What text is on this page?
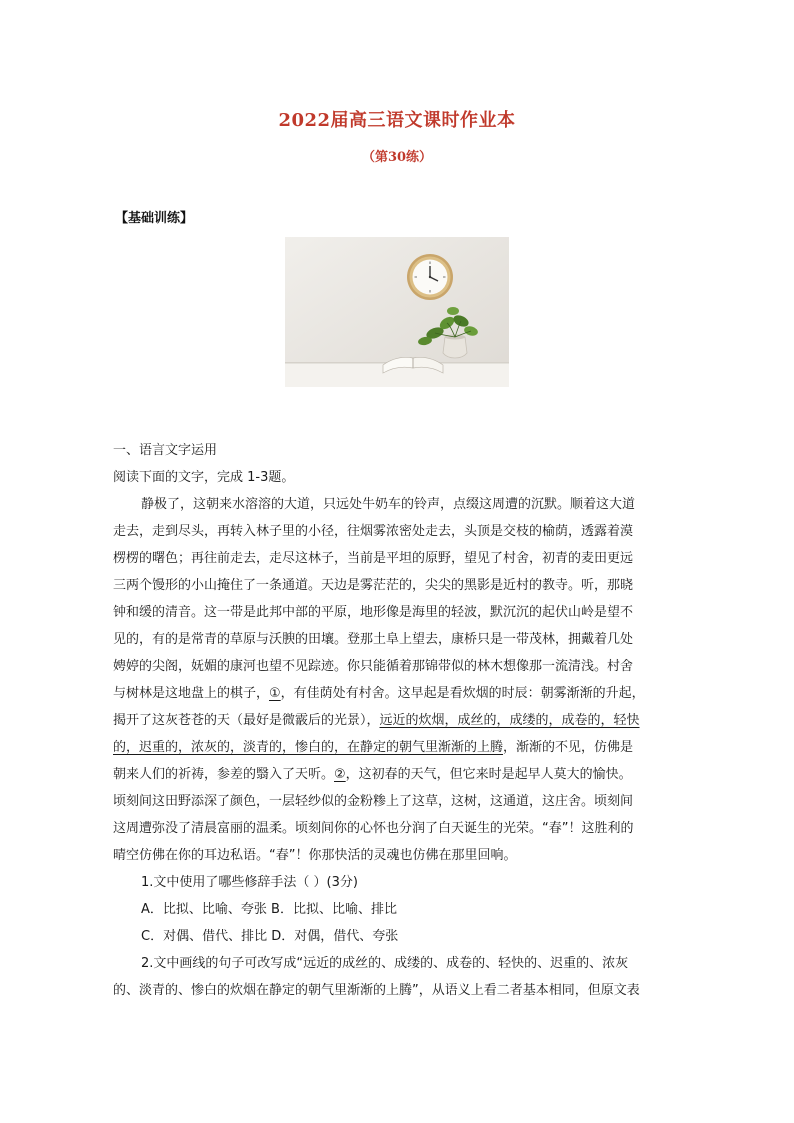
2022届高三语文课时作业本
（第30练）
【基础训练】
一、语言文字运用
阅读下面的文字，完成 1-3题。
静极了，这朝来水溶溶的大道，只远处牛奶车的铃声，点缀这周遭的沉默。顺着这大道
走去，走到尽头，再转入林子里的小径，往烟雾浓密处走去，头顶是交枝的榆荫，透露着漠
楞楞的曙色；再往前走去，走尽这林子，当前是平坦的原野，望见了村舍，初青的麦田更远
三两个馒形的小山掩住了一条通道。天边是雾茫茫的，尖尖的黑影是近村的教寺。听，那晓
钟和缓的清音。这一带是此邦中部的平原，地形像是海里的轻波，默沉沉的起伏山岭是望不
见的，有的是常青的草原与沃腴的田壤。登那土阜上望去，康桥只是一带茂林，拥戴着几处
娉婷的尖阁，妩媚的康河也望不见踪迹。你只能循着那锦带似的林木想像那一流清浅。村舍
与树林是这地盘上的棋子，①，有佳荫处有村舍。这早起是看炊烟的时辰：朝雾渐渐的升起，
揭开了这灰苍苍的天（最好是微霰后的光景），远近的炊烟，成丝的，成缕的，成卷的，轻快
的，迟重的，浓灰的，淡青的，惨白的，在静定的朝气里渐渐的上腾，渐渐的不见，仿佛是
朝来人们的祈祷，参差的翳入了天听。②，这初春的天气，但它来时是起早人莫大的愉快。
顷刻间这田野添深了颜色，一层轻纱似的金粉糁上了这草，这树，这通道，这庄舍。顷刻间
这周遭弥没了清晨富丽的温柔。顷刻间你的心怀也分润了白天诞生的光荣。“春”！这胜利的
晴空仿佛在你的耳边私语。“春”！你那快活的灵魂也仿佛在那里回响。
1.文中使用了哪些修辞手法（ ）(3分)
A．比拟、比喻、夸张 B．比拟、比喻、排比
C．对偶、借代、排比 D．对偶，借代、夸张
2.文中画线的句子可改写成“远近的成丝的、成缕的、成卷的、轻快的、迟重的、浓灰
的、淡青的、惨白的炊烟在静定的朝气里渐渐的上腾”，从语义上看二者基本相同，但原文表
